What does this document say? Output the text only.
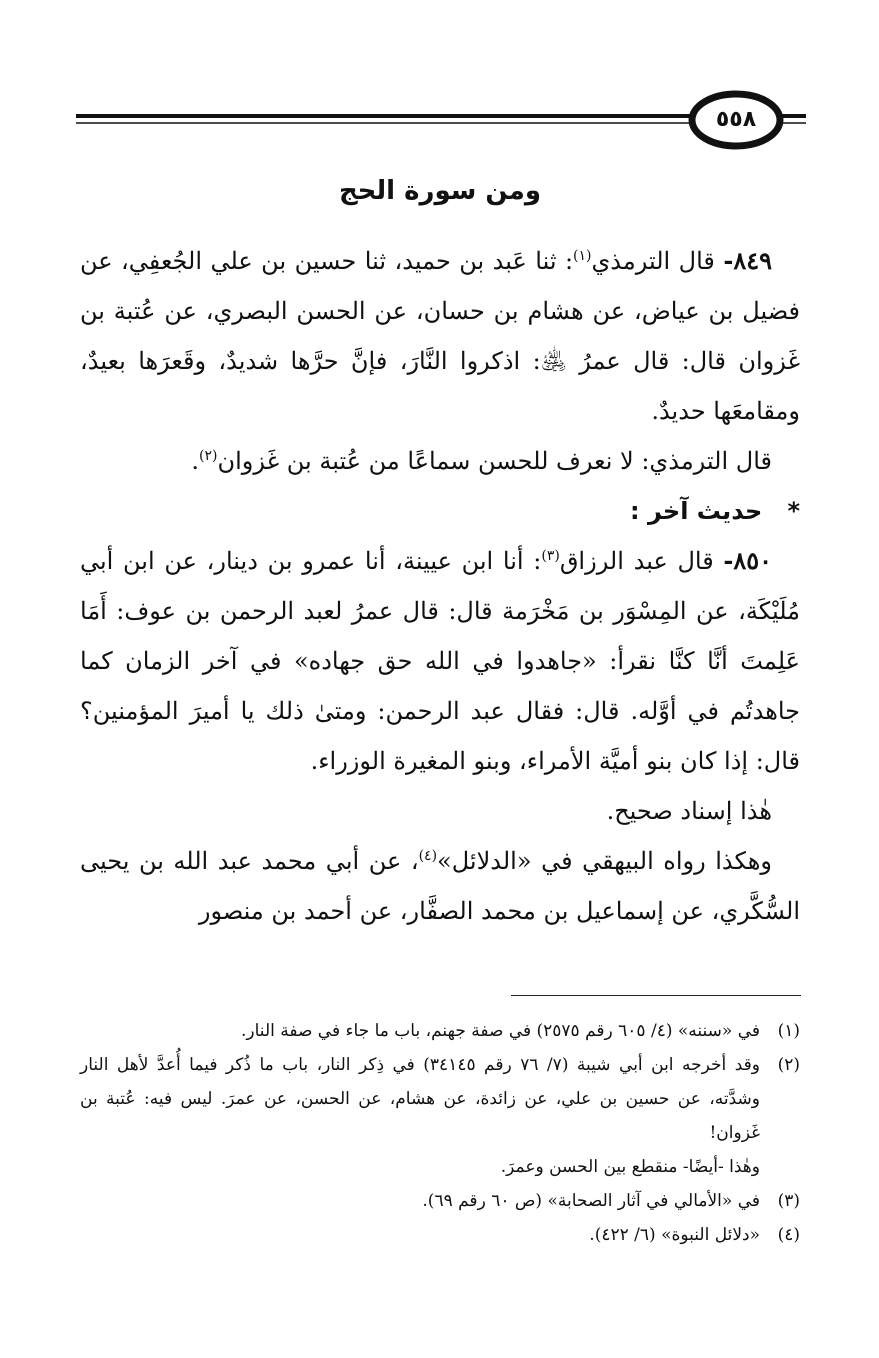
٥٥٨
ومن سورة الحج

٨٤٩- قال الترمذي$^{(١)}$: ثنا عَبد بن حميد، ثنا حسين بن علي الجُعفِي، عن فضيل بن عياض، عن هشام بن حسان، عن الحسن البصري، عن عُتبة بن غَزوان قال: قال عمرُ ﵁: اذكروا النَّارَ، فإنَّ حرَّها شديدٌ، وقَعرَها بعيدٌ، ومقامعَها حديدٌ.

قال الترمذي: لا نعرف للحسن سماعًا من عُتبة بن غَزوان$^{(٢)}$.

*   حديث آخر :

٨٥٠- قال عبد الرزاق$^{(٣)}$: أنا ابن عيينة، أنا عمرو بن دينار، عن ابن أبي مُلَيْكَة، عن المِسْوَر بن مَخْرَمة قال: قال عمرُ لعبد الرحمن بن عوف: أَمَا عَلِمتَ أنَّا كنَّا نقرأ: «جاهدوا في الله حق جهاده» في آخر الزمان كما جاهدتُم في أوَّله. قال: فقال عبد الرحمن: ومتىٰ ذلك يا أميرَ المؤمنين؟ قال: إذا كان بنو أميَّة الأمراء، وبنو المغيرة الوزراء.

هٰذا إسناد صحيح.

وهكذا رواه البيهقي في «الدلائل»$^{(٤)}$، عن أبي محمد عبد الله بن يحيى السُّكَّري، عن إسماعيل بن محمد الصفَّار، عن أحمد بن منصور

(١)
في «سننه» (٤/ ٦٠٥ رقم ٢٥٧٥) في صفة جهنم، باب ما جاء في صفة النار.
(٢)
وقد أخرجه ابن أبي شيبة (٧/ ٧٦ رقم ٣٤١٤٥) في ذِكر النار، باب ما ذُكر فيما أُعدَّ لأهل النار وشدَّته، عن حسين بن علي، عن زائدة، عن هشام، عن الحسن، عن عمرَ. ليس فيه: عُتبة بن غَزوان!
وهٰذا -أيضًا- منقطع بين الحسن وعمرَ.
(٣)
في «الأمالي في آثار الصحابة» (ص ٦٠ رقم ٦٩).
(٤)
«دلائل النبوة» (٦/ ٤٢٢).
